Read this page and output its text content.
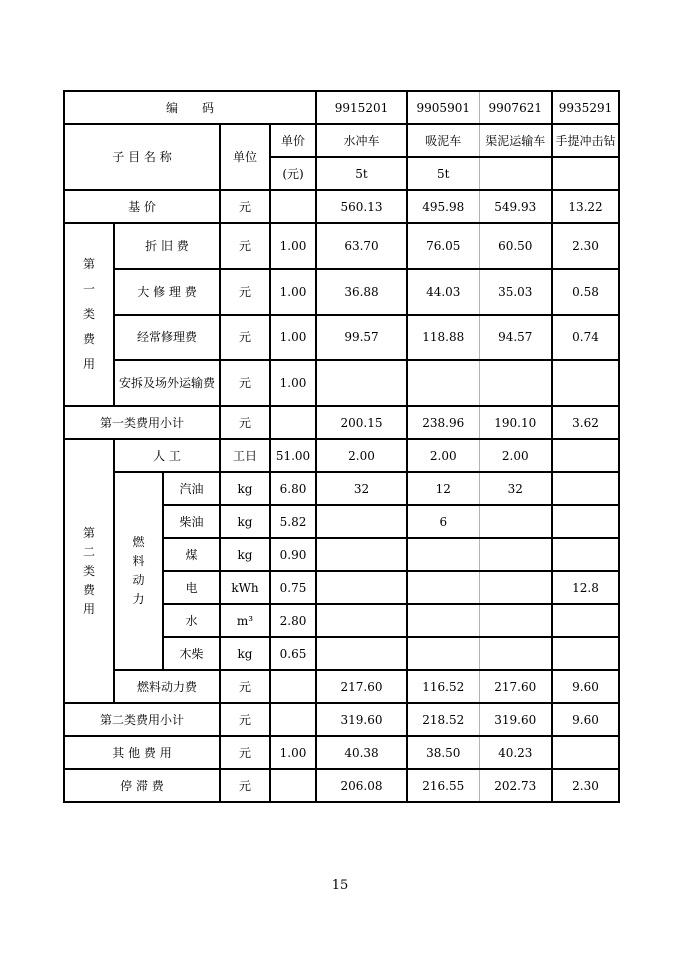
编　　码					9915201	9905901	9907621	9935291
子 目 名 称			单位	单价	水冲车	吸泥车	渠泥运输车	手提冲击钻
				(元)	5t	5t		
基 价			元		560.13	495.98	549.93	13.22

第一类费用	折 旧 费		元	1.00	63.70	76.05	60.50	2.30
	大 修 理 费		元	1.00	36.88	44.03	35.03	0.58
	经常修理费		元	1.00	99.57	118.88	94.57	0.74
	安拆及场外运输费		元	1.00				
第一类费用小计			元		200.15	238.96	190.10	3.62

第二类费用	人 工		工日	51.00	2.00	2.00	2.00	

	燃料动力	汽油	kg	6.80	32	12	32	
		柴油	kg	5.82		6		
		煤	kg	0.90				
		电	kWh	0.75				12.8
		水	m³	2.80				
		木柴	kg	0.65				
	燃料动力费		元		217.60	116.52	217.60	9.60
第二类费用小计			元		319.60	218.52	319.60	9.60
其 他 费 用			元	1.00	40.38	38.50	40.23	
停 滞 费			元		206.08	216.55	202.73	2.30
15
